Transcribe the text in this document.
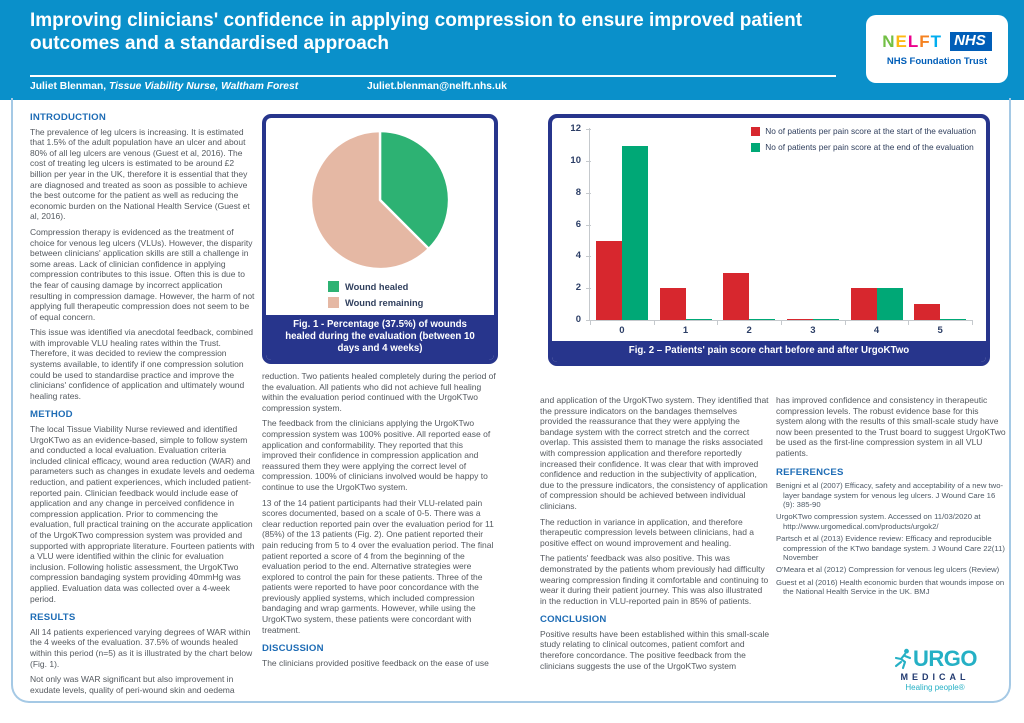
Improving clinicians' confidence in applying compression to ensure improved patient outcomes and a standardised approach
Juliet Blenman, Tissue Viability Nurse, Waltham Forest	Juliet.blenman@nelft.nhs.uk
NELFT NHS
NHS Foundation Trust
INTRODUCTION

The prevalence of leg ulcers is increasing. It is estimated that 1.5% of the adult population have an ulcer and about 80% of all leg ulcers are venous (Guest et al, 2016). The cost of treating leg ulcers is estimated to be around £2 billion per year in the UK, therefore it is essential that they are diagnosed and treated as soon as possible to achieve the best outcome for the patient as well as reducing the economic burden on the National Health Service (Guest et al, 2016).

Compression therapy is evidenced as the treatment of choice for venous leg ulcers (VLUs). However, the disparity between clinicians' application skills are still a challenge in some areas. Lack of clinician confidence in applying compression contributes to this issue. Often this is due to the fear of causing damage by incorrect application resulting in compression damage. However, the harm of not applying full therapeutic compression does not seem to be of equal concern.

This issue was identified via anecdotal feedback, combined with improvable VLU healing rates within the Trust. Therefore, it was decided to review the compression systems available, to identify if one compression solution could be used to standardise practice and improve the clinicians' confidence of application and ultimately wound healing rates.

METHOD

The local Tissue Viability Nurse reviewed and identified UrgoKTwo as an evidence-based, simple to follow system and conducted a local evaluation. Evaluation criteria included clinical efficacy, wound area reduction (WAR) and parameters such as changes in exudate levels and oedema reduction, and patient experiences, which included patient-reported pain. Clinician feedback would include ease of application and any change in perceived confidence in compression application. Prior to commencing the evaluation, full practical training on the accurate application of the UrgoKTwo compression system was provided and supported with appropriate literature. Fourteen patients with a VLU were identified within the clinic for evaluation inclusion. Following holistic assessment, the UrgoKTwo compression bandaging system providing 40mmHg was applied. Evaluation data was collected over a 4-week period.

RESULTS

All 14 patients experienced varying degrees of WAR within the 4 weeks of the evaluation. 37.5% of wounds healed within this period (n=5) as it is illustrated by the chart below (Fig. 1).

Not only was WAR significant but also improvement in exudate levels, quality of peri-wound skin and oedema

Wound healed
Wound remaining
Fig. 1 - Percentage (37.5%) of wounds healed during the evaluation (between 10 days and 4 weeks)

reduction. Two patients healed completely during the period of the evaluation. All patients who did not achieve full healing within the evaluation period continued with the UrgoKTwo compression system.

The feedback from the clinicians applying the UrgoKTwo compression system was 100% positive. All reported ease of application and conformability. They reported that this improved their confidence in compression application and reassured them they were applying the correct level of compression. 100% of clinicians involved would be happy to continue to use the UrgoKTwo system.

13 of the 14 patient participants had their VLU-related pain scores documented, based on a scale of 0-5. There was a clear reduction reported pain over the evaluation period for 11 (85%) of the 13 patients (Fig. 2). One patient reported their pain reducing from 5 to 4 over the evaluation period. The final patient reported a score of 4 from the beginning of the evaluation period to the end. Alternative strategies were explored to control the pain for these patients. Three of the patients were reported to have poor concordance with the previously applied systems, which included compression bandaging and wrap garments. However, while using the UrgoKTwo system, these patients were concordant with treatment.

DISCUSSION

The clinicians provided positive feedback on the ease of use

0
2
4
6
8
10
12
0	1	2	3	4	5
No of patients per pain score at the start of the evaluation
No of patients per pain score at the end of the evaluation
Fig. 2 – Patients' pain score chart before and after UrgoKTwo

and application of the UrgoKTwo system. They identified that the pressure indicators on the bandages themselves provided the reassurance that they were applying the bandage system with the correct stretch and the correct overlap. This assisted them to manage the risks associated with compression application and therefore reportedly increased their confidence. It was clear that with improved confidence and reduction in the subjectivity of application, due to the pressure indicators, the consistency of application of compression should be achieved between individual clinicians.

The reduction in variance in application, and therefore therapeutic compression levels between clinicians, had a positive effect on wound improvement and healing.

The patients' feedback was also positive. This was demonstrated by the patients whom previously had difficulty wearing compression finding it comfortable and continuing to wear it during their patient journey. This was also illustrated in the reduction in VLU-reported pain in 85% of patients.

CONCLUSION

Positive results have been established within this small-scale study relating to clinical outcomes, patient comfort and therefore concordance. The positive feedback from the clinicians suggests the use of the UrgoKTwo system

has improved confidence and consistency in therapeutic compression levels. The robust evidence base for this system along with the results of this small-scale study have now been presented to the Trust board to suggest UrgoKTwo be used as the first-line compression system in all VLU patients.

REFERENCES

Benigni et al (2007) Efficacy, safety and acceptability of a new two-layer bandage system for venous leg ulcers. J Wound Care 16 (9): 385-90

UrgoKTwo compression system. Accessed on 11/03/2020 at http://www.urgomedical.com/products/urgok2/

Partsch et al (2013) Evidence review: Efficacy and reproducible compression of the KTwo bandage system. J Wound Care 22(11) November

O'Meara et al (2012) Compression for venous leg ulcers (Review)

Guest et al (2016) Health economic burden that wounds impose on the National Health Service in the UK. BMJ

URGO
MEDICAL
Healing people®
